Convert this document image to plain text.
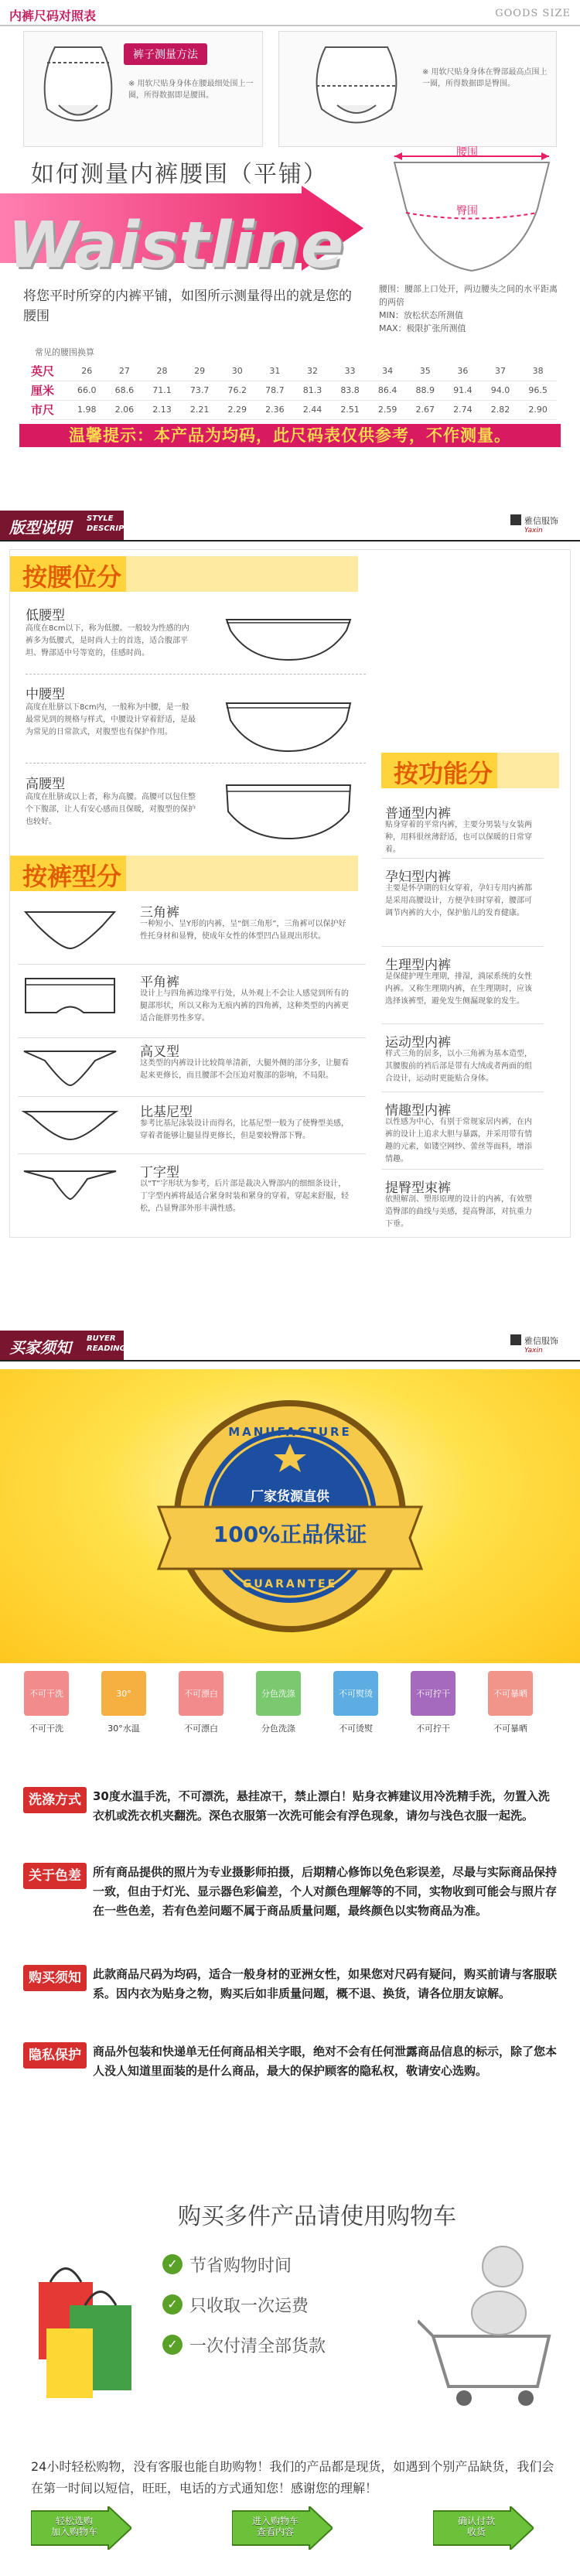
内裤尺码对照表	GOODS SIZE
※ 用软尺贴身身体在腰最细处围上一圈，所得数据即是腰围。
裤子测量方法
※ 用软尺贴身身体在臀部最高点围上一圈，所得数据即是臀围。
如何测量内裤腰围（平铺）
Waistline
将您平时所穿的内裤平铺，如图所示测量得出的就是您的腰围
腰围
臀围
腰围：腰部上口处开，两边腰头之间的水平距离的两倍
MIN：放松状态所测值
MAX：极限扩张所测值
常见的腰围换算
英尺	26	27	28	29	30	31	32	33	34	35	36	37	38
厘米	66.0	68.6	71.1	73.7	76.2	78.7	81.3	83.8	86.4	88.9	91.4	94.0	96.5
市尺	1.98	2.06	2.13	2.21	2.29	2.36	2.44	2.51	2.59	2.67	2.74	2.82	2.90
温馨提示：本产品为均码，此尺码表仅供参考，不作测量。
版型说明 STYLE
DESCRIPTION
雅信服饰
Yaxin
按腰位分
低腰型
高度在8cm以下，称为低腰。一般较为性感的内裤多为低腰式，是时尚人士的首选，适合腹部平坦、臀部适中号等宽的，佳感时尚。
中腰型
高度在肚脐以下8cm内，一般称为中腰，是一般最常见到的规格与样式，中腰设计穿着舒适，是最为常见的日常款式，对腹型也有保护作用。
高腰型
高度在肚脐或以上者，称为高腰。高腰可以包住整个下腹部，让人有安心感而且保暖，对腹型的保护也较好。
按裤型分
三角裤
一种短小、呈Y形的内裤，呈“倒三角形”，三角裤可以保护好性托身材和显臀，使成年女性的体型凹凸显现出形状。
平角裤
设计上与四角裤边缘平行处，从外观上不会让人感觉到所有的腿部形状，所以又称为无痕内裤的四角裤，这种类型的内裤更适合能胖男性多穿。
高叉型
这类型的内裤设计比较简单清新，大腿外侧的部分多，让腿看起来更修长，而且腰部不会压迫对腹部的影响，不局限。
比基尼型
参考比基尼泳装设计而得名，比基尼型一般为了使臀型美感，穿着者能够让腿显得更修长，但是要较臀部下臀。
丁字型
以“T”字形状为参考，后片部是裁决入臀部内的细细条设计，丁字型内裤将最适合紧身时装和紧身的穿着，穿起来舒服，轻松，凸显臀部外形丰满性感。
按功能分
普通型内裤
贴身穿着的平常内裤，主要分男装与女装两种，用料很丝薄舒适，也可以保暖的日常穿着。
孕妇型内裤
主要是怀孕期的妇女穿着，孕妇专用内裤都是采用高腰设计，方便孕妇时穿着，腰部可调节内裤的大小，保护胎儿的发育健康。
生理型内裤
是保健护理生理期，排湿，淌尿系统的女性内裤。又称生理期内裤，在生理期时，应该选择该裤型，避免发生侧漏现象的发生。
运动型内裤
样式三角的居多，以小三角裤为基本造型，其腰腹前的裆后部是带有大绒或者两面的组合设计，运动时更能贴合身体。
情趣型内裤
以性感为中心，有别于常规家居内裤，在内裤的设计上追求大胆与暴露，并采用带有情趣的元素，如镂空网纱、蕾丝等面料，增添情趣。
提臀型束裤
依照解剖、塑形原理的设计的内裤，有效塑造臀部的曲线与美感，提高臀部，对抗重力下垂。
买家须知 BUYER
READING
雅信服饰
Yaxin
MANUFACTURE
厂家货源直供
100%正品保证
GUARANTEE
不可干洗
不可干洗
30°
30°水温
不可漂白
不可漂白
分色洗涤
分色洗涤
不可熨烫
不可烫熨
不可拧干
不可拧干
不可暴晒
不可暴晒
洗涤方式	30度水温手洗，不可漂洗，悬挂凉干，禁止漂白！贴身衣裤建议用冷洗精手洗，勿置入洗衣机或洗衣机夹翻洗。深色衣服第一次洗可能会有浮色现象，请勿与浅色衣服一起洗。
关于色差	所有商品提供的照片为专业摄影师拍摄，后期精心修饰以免色彩误差，尽最与实际商品保持一致，但由于灯光、显示器色彩偏差，个人对颜色理解等的不同，实物收到可能会与照片存在一些色差，若有色差问题不属于商品质量问题，最终颜色以实物商品为准。
购买须知	此款商品尺码为均码，适合一般身材的亚洲女性，如果您对尺码有疑问，购买前请与客服联系。因内衣为贴身之物，购买后如非质量问题，概不退、换货，请各位朋友谅解。
隐私保护	商品外包装和快递单无任何商品相关字眼，绝对不会有任何泄露商品信息的标示，除了您本人没人知道里面装的是什么商品，最大的保护顾客的隐私权，敬请安心选购。
购买多件产品请使用购物车
✓ 节省购物时间
✓ 只收取一次运费
✓ 一次付清全部货款
24小时轻松购物，没有客服也能自助购物！我们的产品都是现货，如遇到个别产品缺货，我们会在第一时间以短信，旺旺，电话的方式通知您！感谢您的理解！
轻松选购
加入购物车
进入购物车
查看内容
确认付款
收货
